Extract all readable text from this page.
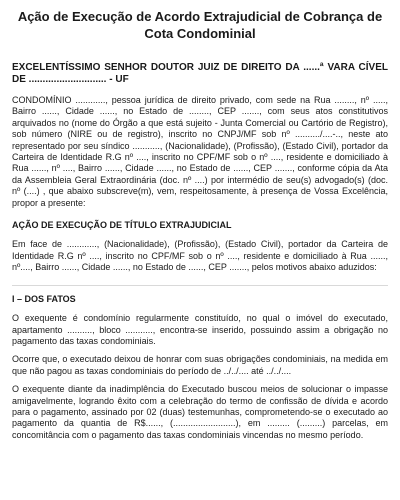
Ação de Execução de Acordo Extrajudicial de Cobrança de Cota Condominial

EXCELENTÍSSIMO SENHOR DOUTOR JUIZ DE DIREITO DA ......ª VARA CÍVEL DE ............................ - UF

CONDOMÍNIO ............, pessoa jurídica de direito privado, com sede na Rua ........, nº ....., Bairro ......, Cidade ......, no Estado de ........, CEP ......., com seus atos constitutivos arquivados no (nome do Órgão a que está sujeito - Junta Comercial ou Cartório de Registro), sob número (NIRE ou de registro), inscrito no CNPJ/MF sob nº ........../....-.., neste ato representado por seu síndico ..........., (Nacionalidade), (Profissão), (Estado Civil), portador da Carteira de Identidade R.G nº ...., inscrito no CPF/MF sob o nº ...., residente e domiciliado à Rua ......, nº ...., Bairro ......, Cidade ......, no Estado de ......, CEP ......., conforme cópia da Ata da Assembleia Geral Extraordinária (doc. nº ....) por intermédio de seu(s) advogado(s) (doc. nº (....) , que abaixo subscreve(m), vem, respeitosamente, à presença de Vossa Excelência, propor a presente:

AÇÃO DE EXECUÇÃO DE TÍTULO EXTRAJUDICIAL

Em face de ............, (Nacionalidade), (Profissão), (Estado Civil), portador da Carteira de Identidade R.G nº ...., inscrito no CPF/MF sob o nº ...., residente e domiciliado à Rua ......, nº...., Bairro ......, Cidade ......, no Estado de ......, CEP ......., pelos motivos abaixo aduzidos:

I – DOS FATOS

O exequente é condomínio regularmente constituído, no qual o imóvel do executado, apartamento .........., bloco ..........., encontra-se inserido, possuindo assim a obrigação no pagamento das taxas condominiais.

Ocorre que, o executado deixou de honrar com suas obrigações condominiais, na medida em que não pagou as taxas condominiais do período de ../../.... até ../../....

O exequente diante da inadimplência do Executado buscou meios de solucionar o impasse amigavelmente, logrando êxito com a celebração do termo de confissão de dívida e acordo para o pagamento, assinado por 02 (duas) testemunhas, comprometendo-se o executado ao pagamento da quantia de R$......, (.........................), em ......... (.........) parcelas, em concomitância com o pagamento das taxas condominiais vincendas no mesmo período.
